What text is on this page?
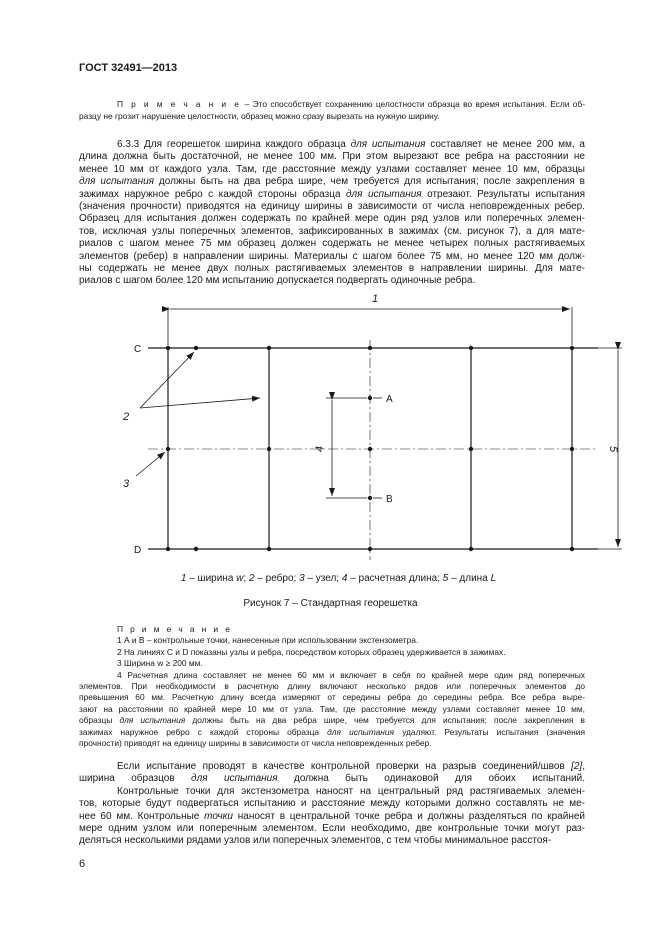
ГОСТ 32491—2013
П р и м е ч а н и е – Это способствует сохранению целостности образца во время испытания. Если об-
разцу не грозит нарушение целостности, образец можно сразу вырезать на нужную ширину.
6.3.3 Для георешеток ширина каждого образца для испытания составляет не менее 200 мм, а
длина должна быть достаточной, не менее 100 мм. При этом вырезают все ребра на расстоянии не
менее 10 мм от каждого узла. Там, где расстояние между узлами составляет менее 10 мм, образцы
для испытания должны быть на два ребра шире, чем требуется для испытания; после закрепления в
зажимах наружное ребро с каждой стороны образца для испытания отрезают. Результаты испытания
(значения прочности) приводятся на единицу ширины в зависимости от числа неповрежденных ребер.
Образец для испытания должен содержать по крайней мере один ряд узлов или поперечных элемен-
тов, исключая узлы поперечных элементов, зафиксированных в зажимах (см. рисунок 7), а для мате-
риалов с шагом менее 75 мм образец должен содержать не менее четырех полных растягиваемых
элементов (ребер) в направлении ширины. Материалы с шагом более 75 мм, но менее 120 мм долж-
ны содержать не менее двух полных растягиваемых элементов в направлении ширины. Для мате-
риалов с шагом более 120 мм испытанию допускается подвергать одиночные ребра.
1
C
D
2
3
4
A
B
5
1 – ширина w; 2 – ребро; 3 – узел; 4 – расчетная длина; 5 – длина L
Рисунок 7 – Стандартная георешетка
П р и м е ч а н и е
1 А и В – контрольные точки, нанесенные при использовании экстензометра.
2 На линиях С и D показаны узлы и ребра, посредством которых образец удерживается в зажимах.
3 Ширина w ≥ 200 мм.
4 Расчетная длина составляет не менее 60 мм и включает в себя по крайней мере один ряд поперечных
элементов. При необходимости в расчетную длину включают несколько рядов или поперечных элементов до
превышения 60 мм. Расчетную длину всегда измеряют от середины ребра до середины ребра. Все ребра выре-
зают на расстоянии по крайней мере 10 мм от узла. Там, где расстояние между узлами составляет менее 10 мм,
образцы для испытания должны быть на два ребра шире, чем требуется для испытания; после закрепления в
зажимах наружное ребро с каждой стороны образца для испытания удаляют. Результаты испытания (значения
прочности) приводят на единицу ширины в зависимости от числа неповрежденных ребер.
Если испытание проводят в качестве контрольной проверки на разрыв соединений/швов [2],
ширина образцов для испытания должна быть одинаковой для обоих испытаний.
Контрольные точки для экстензометра наносят на центральный ряд растягиваемых элемен-
тов, которые будут подвергаться испытанию и расстояние между которыми должно составлять не ме-
нее 60 мм. Контрольные точки наносят в центральной точке ребра и должны разделяться по крайней
мере одним узлом или поперечным элементом. Если необходимо, две контрольные точки могут раз-
деляться несколькими рядами узлов или поперечных элементов, с тем чтобы минимальное расстоя-
6
